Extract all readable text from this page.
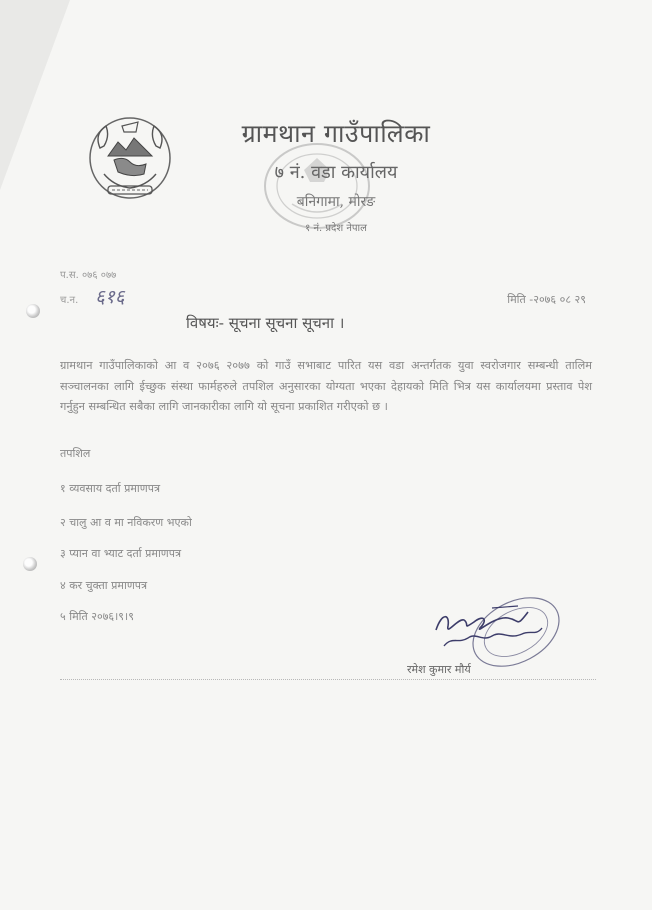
ग्रामथान गाउँपालिका
७ नं. वडा कार्यालय
बनिगामा, मोरङ
१ नं. प्रदेश नेपाल
प.स. ०७६ ०७७
च.न. ६१६	मिति -२०७६ ०८ २९
विषयः- सूचना सूचना सूचना ।
ग्रामथान गाउँपालिकाको आ व २०७६ २०७७ को गाउँ सभाबाट पारित यस वडा अन्तर्गतक युवा स्वरोजगार सम्बन्धी तालिम सञ्चालनका लागि ईच्छुक संस्था फार्महरुले तपशिल अनुसारका योग्यता भएका देहायको मिति भित्र यस कार्यालयमा प्रस्ताव पेश गर्नुहुन सम्बन्धित सबैका लागि जानकारीका लागि यो सूचना प्रकाशित गरीएको छ ।
तपशिल
१ व्यवसाय दर्ता प्रमाणपत्र
२ चालु आ व मा नविकरण भएको
३ प्यान वा भ्याट दर्ता प्रमाणपत्र
४ कर चुक्ता प्रमाणपत्र
५ मिति २०७६।९।९
रमेश कुमार मौर्य
